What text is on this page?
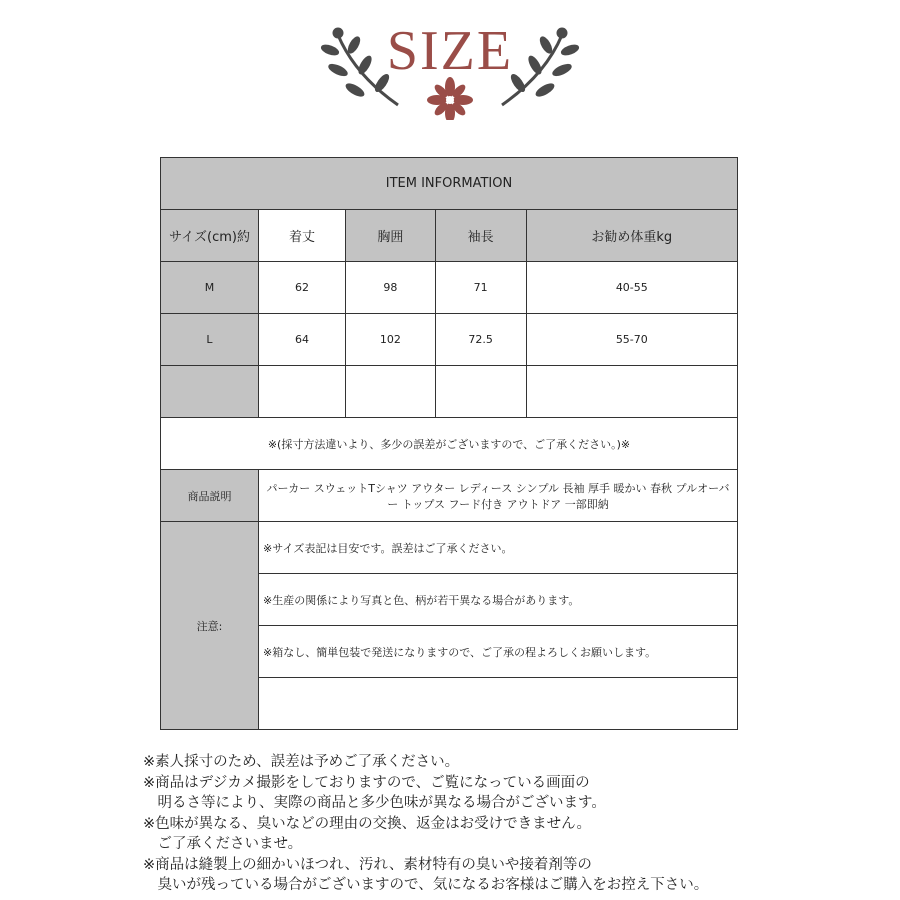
SIZE
ITEM INFORMATION				
サイズ(cm)約	着丈	胸囲	袖長	お勧め体重kg
M	62	98	71	40-55
L	64	102	72.5	55-70

※(採寸方法違いより、多少の誤差がございますので、ご了承ください。)※				
商品説明	パーカー スウェットTシャツ アウター レディース シンプル 長袖 厚手 暖かい 春秋 プルオーバー トップス フード付き アウトドア 一部即納			
注意:	※サイズ表記は目安です。誤差はご了承ください。			
	※生産の関係により写真と色、柄が若干異なる場合があります。			
	※箱なし、簡単包装で発送になりますので、ご了承の程よろしくお願いします。			

※素人採寸のため、誤差は予めご了承ください。
※商品はデジカメ撮影をしておりますので、ご覧になっている画面の
　明るさ等により、実際の商品と多少色味が異なる場合がございます。
※色味が異なる、臭いなどの理由の交換、返金はお受けできません。
　ご了承くださいませ。
※商品は縫製上の細かいほつれ、汚れ、素材特有の臭いや接着剤等の
　臭いが残っている場合がございますので、気になるお客様はご購入をお控え下さい。
